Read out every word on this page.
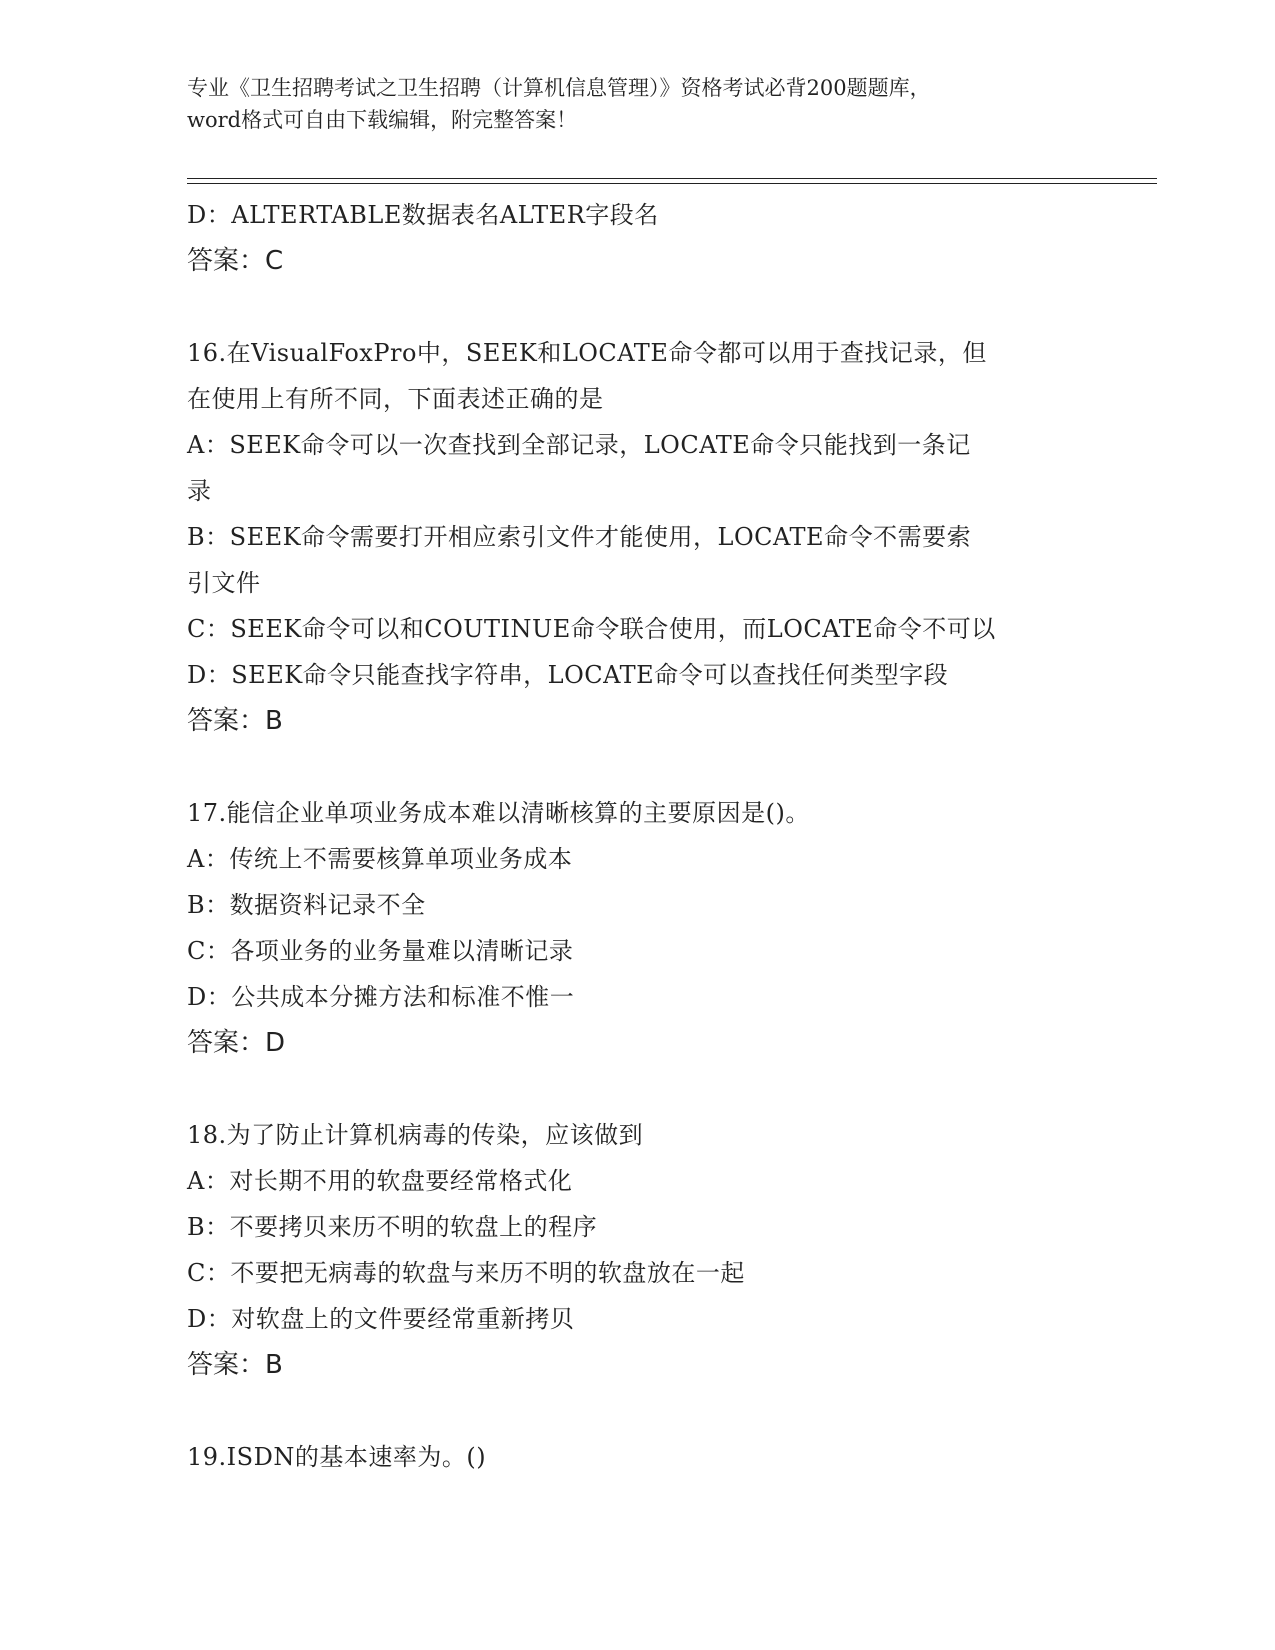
专业《卫生招聘考试之卫生招聘（计算机信息管理）》资格考试必背200题题库，
word格式可自由下载编辑，附完整答案！
D：ALTERTABLE数据表名ALTER字段名
答案：C
16.在VisualFoxPro中，SEEK和LOCATE命令都可以用于查找记录，但
在使用上有所不同，下面表述正确的是
A：SEEK命令可以一次查找到全部记录，LOCATE命令只能找到一条记
录
B：SEEK命令需要打开相应索引文件才能使用，LOCATE命令不需要索
引文件
C：SEEK命令可以和COUTINUE命令联合使用，而LOCATE命令不可以
D：SEEK命令只能查找字符串，LOCATE命令可以查找任何类型字段
答案：B
17.能信企业单项业务成本难以清晰核算的主要原因是()。
A：传统上不需要核算单项业务成本
B：数据资料记录不全
C：各项业务的业务量难以清晰记录
D：公共成本分摊方法和标准不惟一
答案：D
18.为了防止计算机病毒的传染，应该做到
A：对长期不用的软盘要经常格式化
B：不要拷贝来历不明的软盘上的程序
C：不要把无病毒的软盘与来历不明的软盘放在一起
D：对软盘上的文件要经常重新拷贝
答案：B
19.ISDN的基本速率为。()
